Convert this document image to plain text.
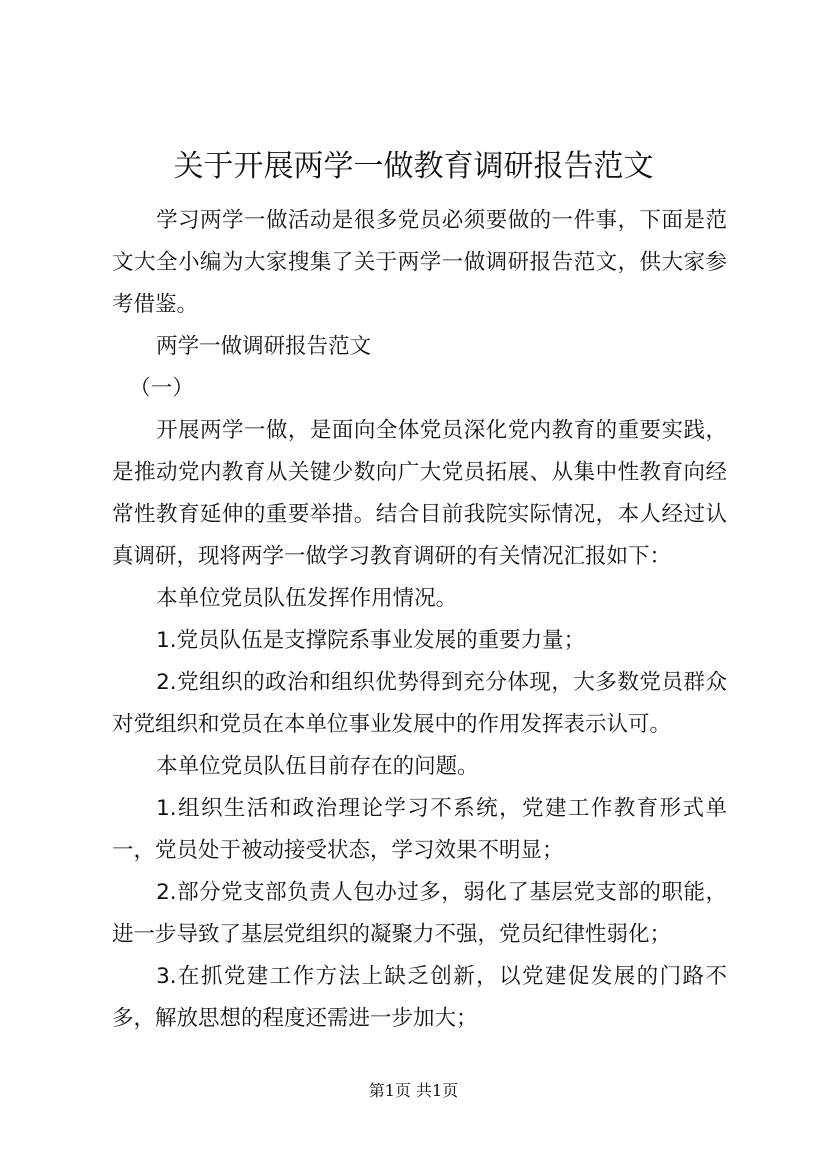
关于开展两学一做教育调研报告范文

学习两学一做活动是很多党员必须要做的一件事，下面是范文大全小编为大家搜集了关于两学一做调研报告范文，供大家参考借鉴。

两学一做调研报告范文

（一）

开展两学一做，是面向全体党员深化党内教育的重要实践，是推动党内教育从关键少数向广大党员拓展、从集中性教育向经常性教育延伸的重要举措。结合目前我院实际情况，本人经过认真调研，现将两学一做学习教育调研的有关情况汇报如下：

本单位党员队伍发挥作用情况。

1.党员队伍是支撑院系事业发展的重要力量；

2.党组织的政治和组织优势得到充分体现，大多数党员群众对党组织和党员在本单位事业发展中的作用发挥表示认可。

本单位党员队伍目前存在的问题。

1.组织生活和政治理论学习不系统，党建工作教育形式单一，党员处于被动接受状态，学习效果不明显；

2.部分党支部负责人包办过多，弱化了基层党支部的职能，进一步导致了基层党组织的凝聚力不强，党员纪律性弱化；

3.在抓党建工作方法上缺乏创新，以党建促发展的门路不多，解放思想的程度还需进一步加大；

第1页 共1页
